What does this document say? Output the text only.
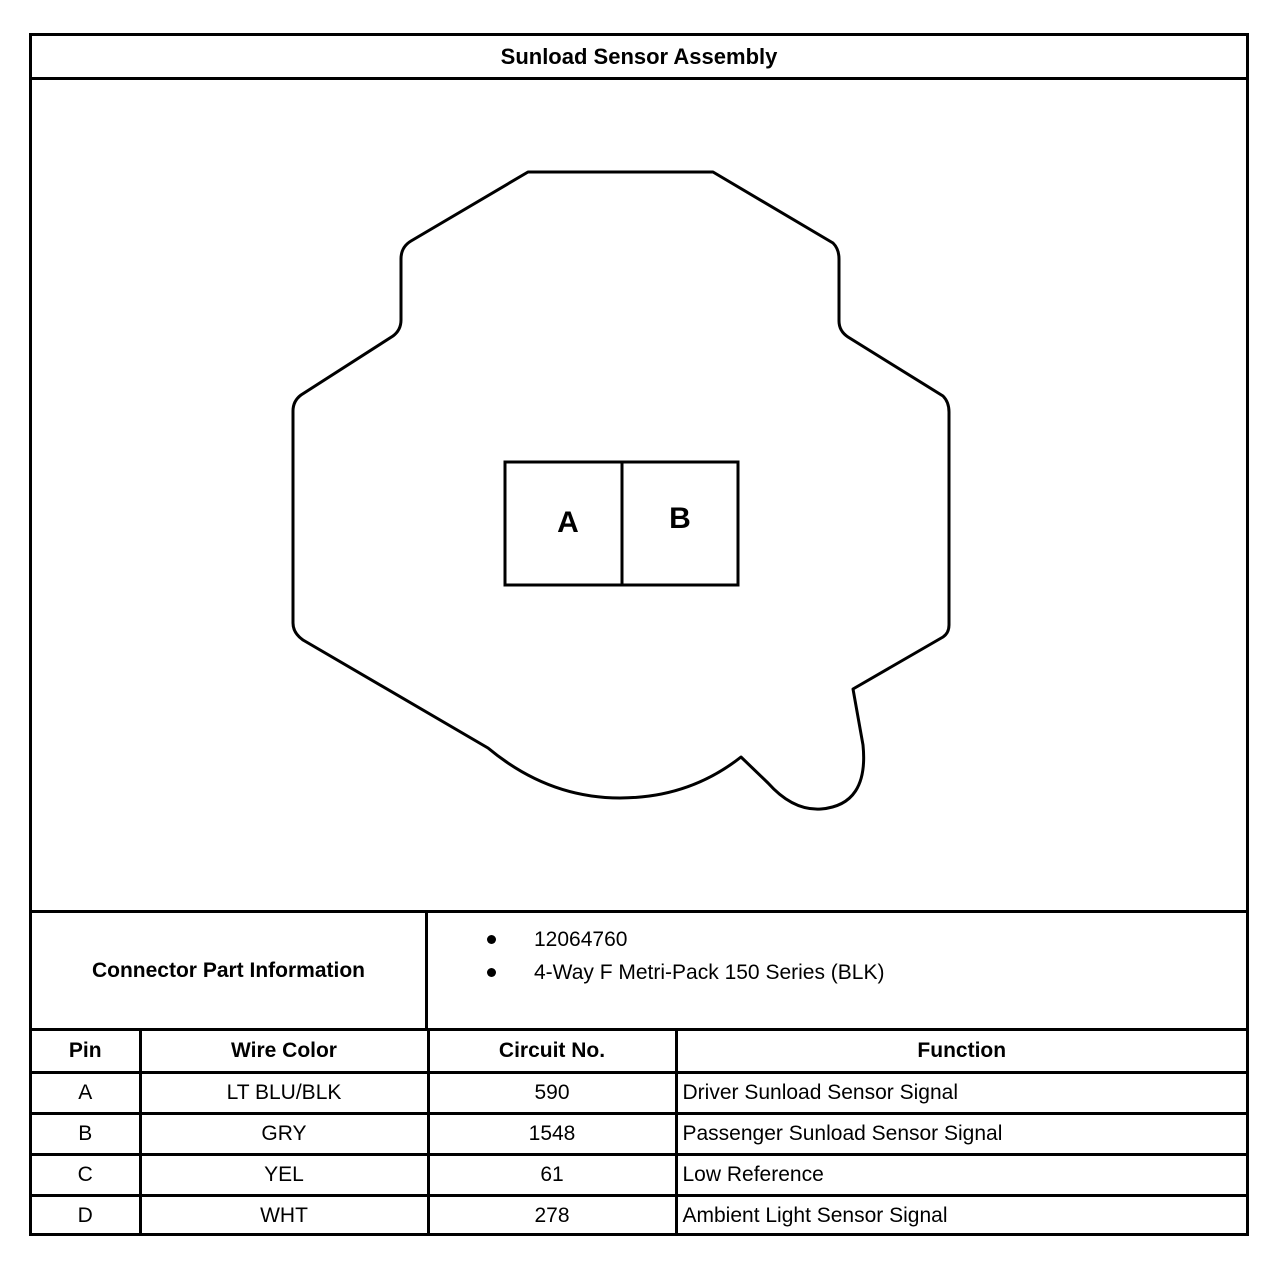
Sunload Sensor Assembly
A	B
Connector Part Information
12064760
4-Way F Metri-Pack 150 Series (BLK)
Pin	Wire Color	Circuit No.	Function
A	LT BLU/BLK	590	Driver Sunload Sensor Signal
B	GRY	1548	Passenger Sunload Sensor Signal
C	YEL	61	Low Reference
D	WHT	278	Ambient Light Sensor Signal
